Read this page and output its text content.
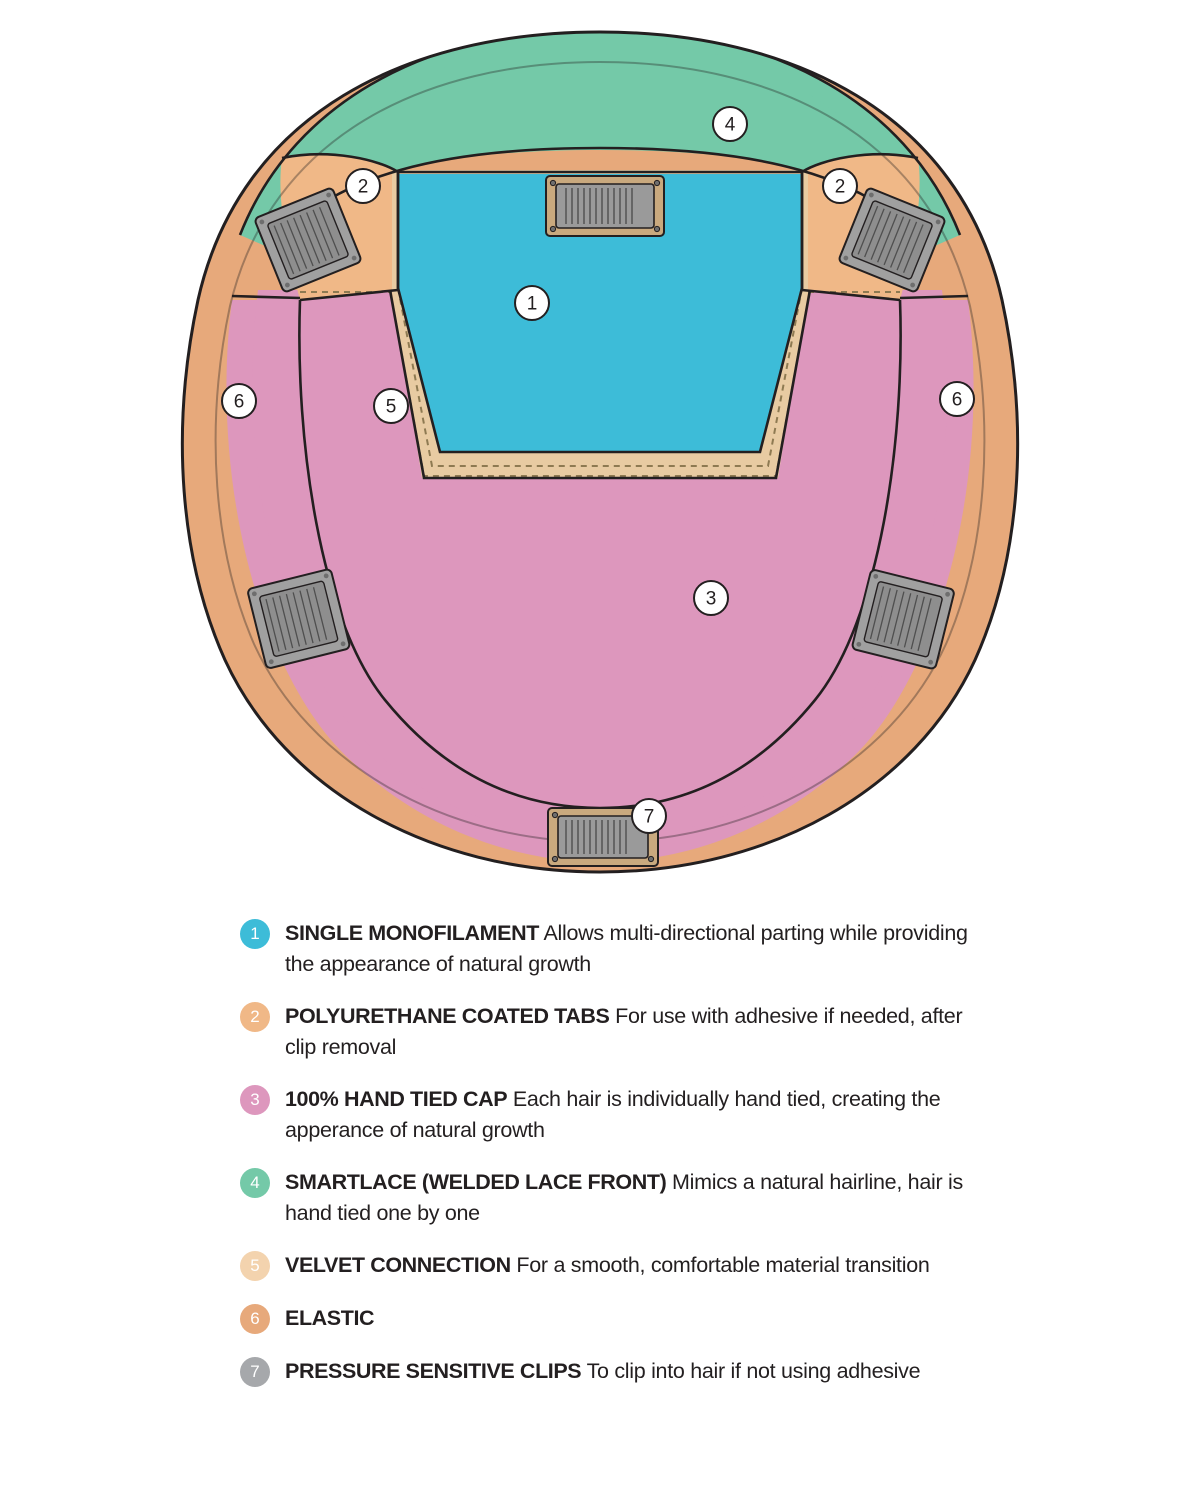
1
2	2
3
4
5
6	6
7
1	SINGLE MONOFILAMENT Allows multi-directional parting while providing the appearance of natural growth
2	POLYURETHANE COATED TABS For use with adhesive if needed, after clip removal
3	100% HAND TIED CAP Each hair is individually hand tied, creating the apperance of natural growth
4	SMARTLACE (WELDED LACE FRONT) Mimics a natural hairline, hair is hand tied one by one
5	VELVET CONNECTION For a smooth, comfortable material transition
6	ELASTIC
7	PRESSURE SENSITIVE CLIPS To clip into hair if not using adhesive
